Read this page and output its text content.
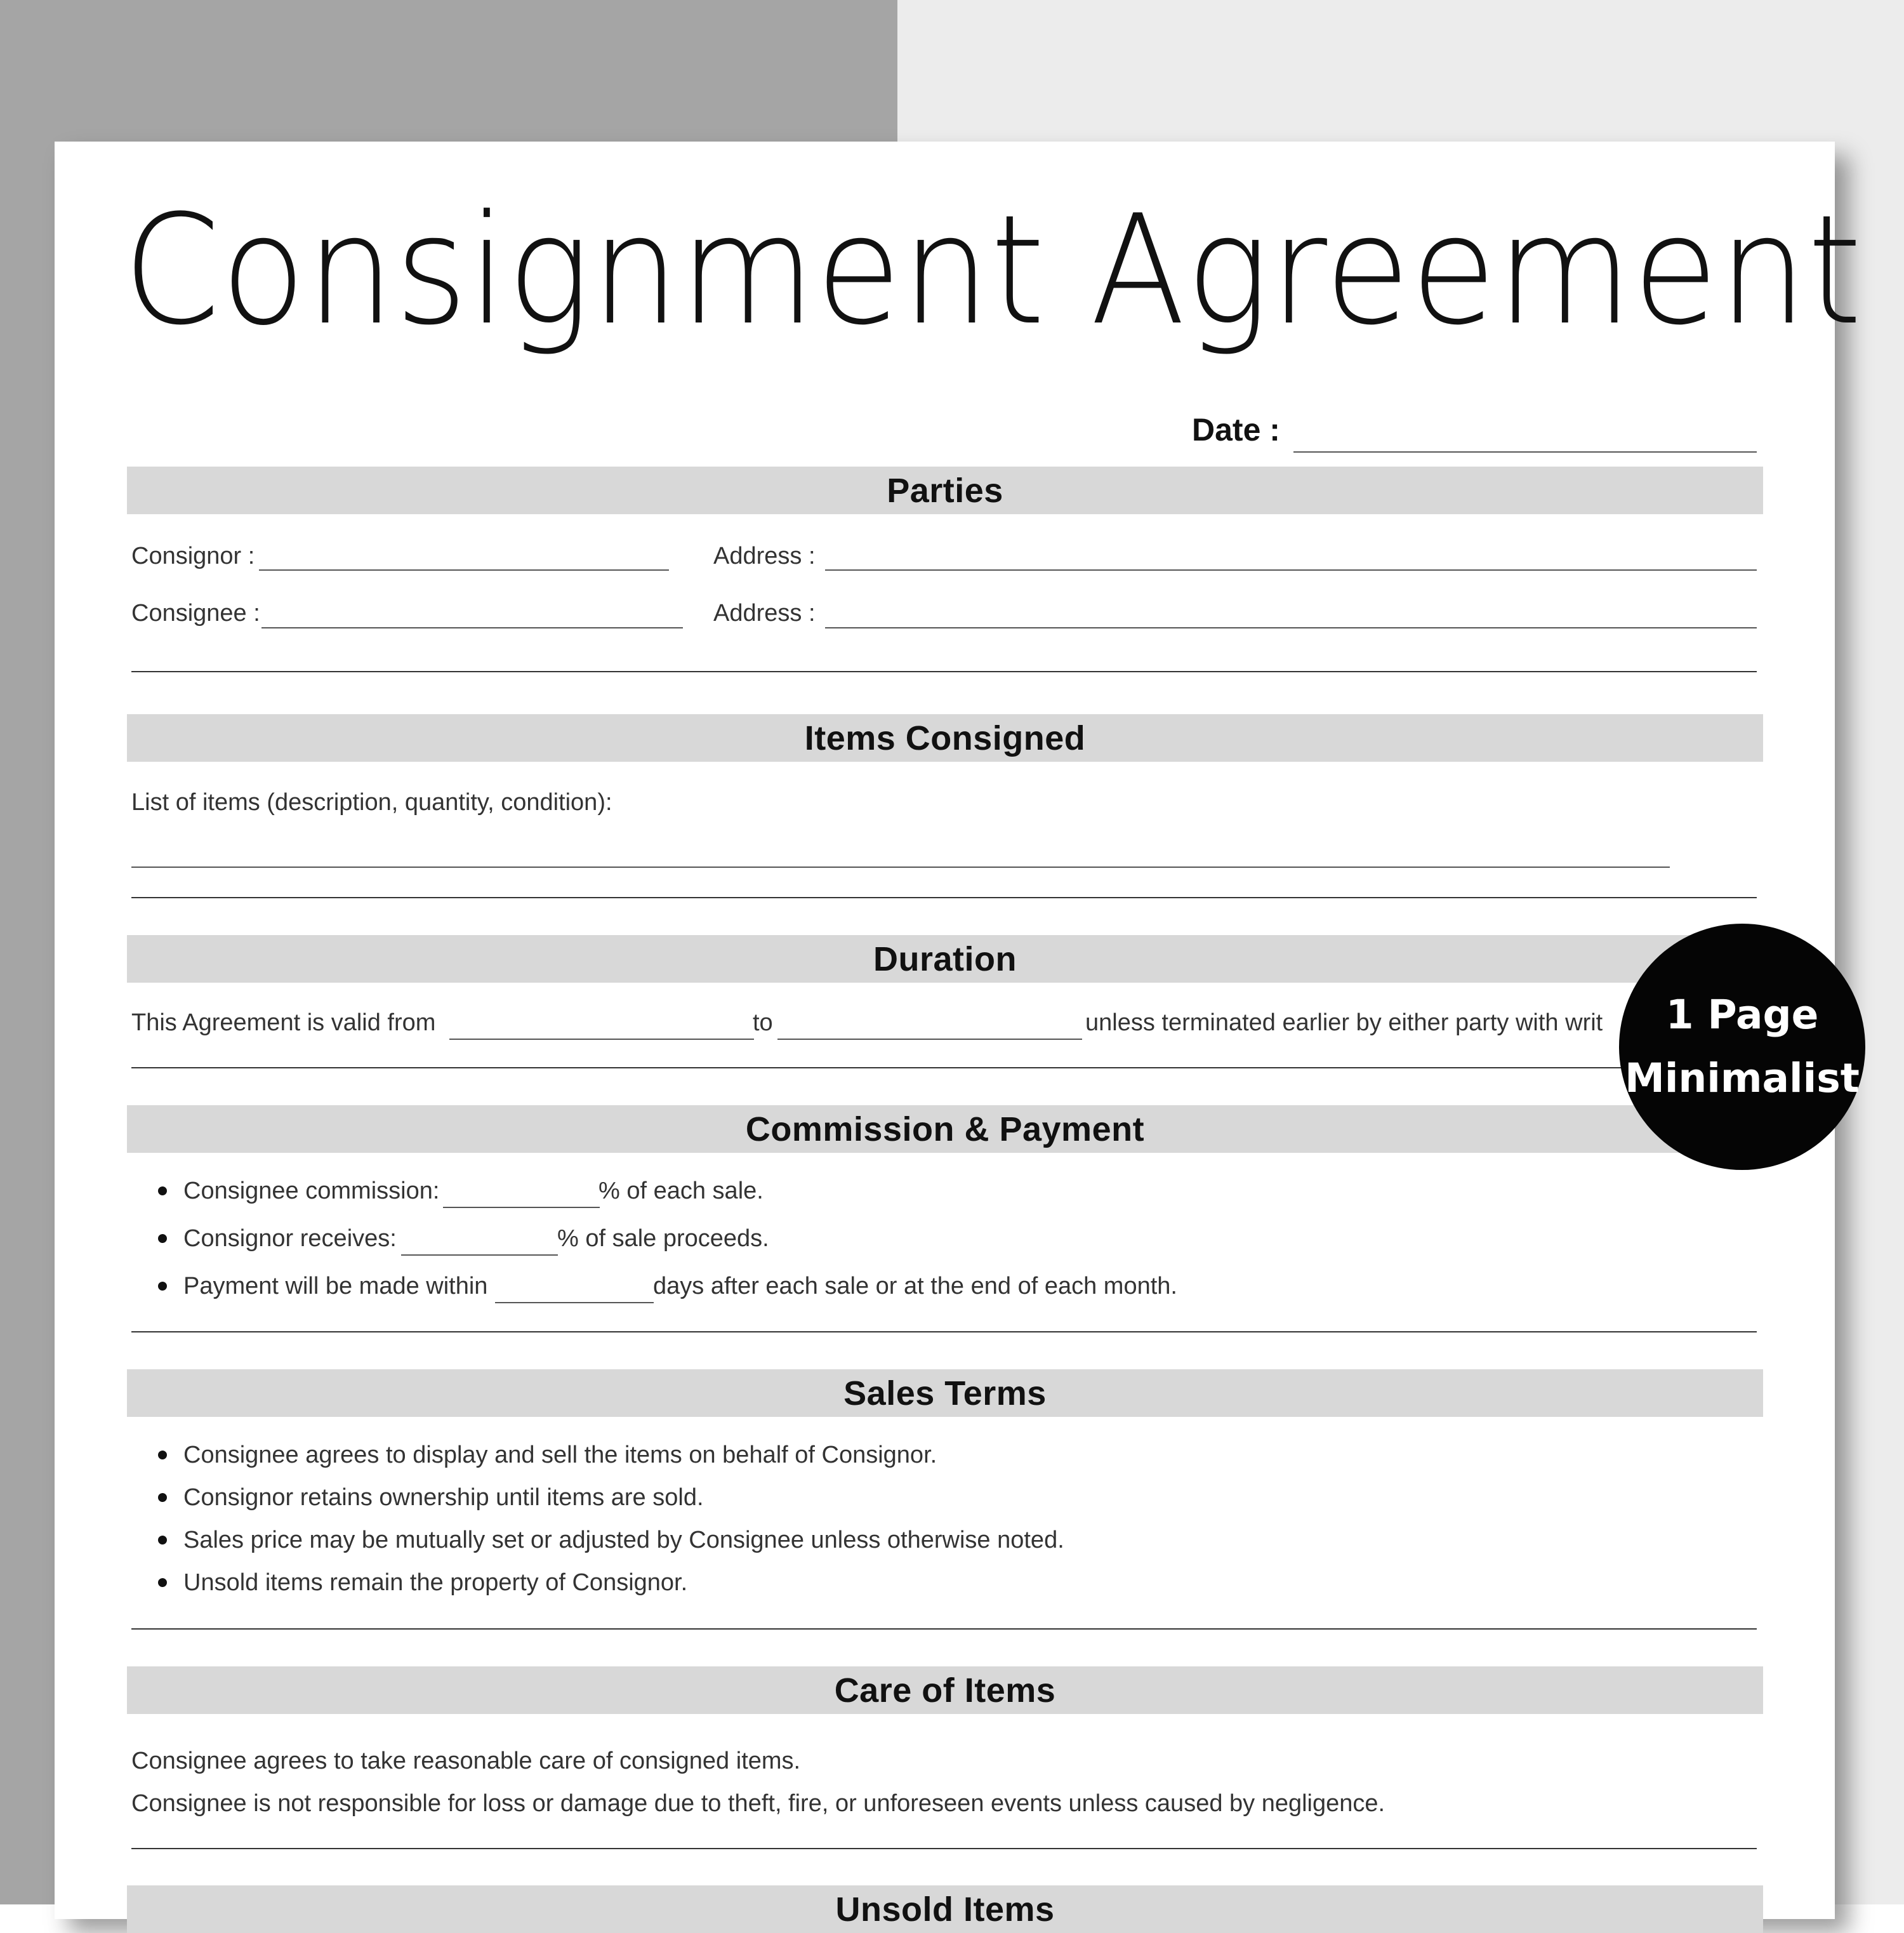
Consignment Agreement
Date :
Parties
Consignor :	Address :
Consignee :	Address :
Items Consigned
List of items (description, quantity, condition):
Duration
This Agreement is valid from	to	unless terminated earlier by either party with writ
Commission & Payment
Consignee commission:	% of each sale.
Consignor receives:	% of sale proceeds.
Payment will be made within	days after each sale or at the end of each month.
Sales Terms
Consignee agrees to display and sell the items on behalf of Consignor.
Consignor retains ownership until items are sold.
Sales price may be mutually set or adjusted by Consignee unless otherwise noted.
Unsold items remain the property of Consignor.
Care of Items
Consignee agrees to take reasonable care of consigned items.
Consignee is not responsible for loss or damage due to theft, fire, or unforeseen events unless caused by negligence.
Unsold Items
1 Page
Minimalist
